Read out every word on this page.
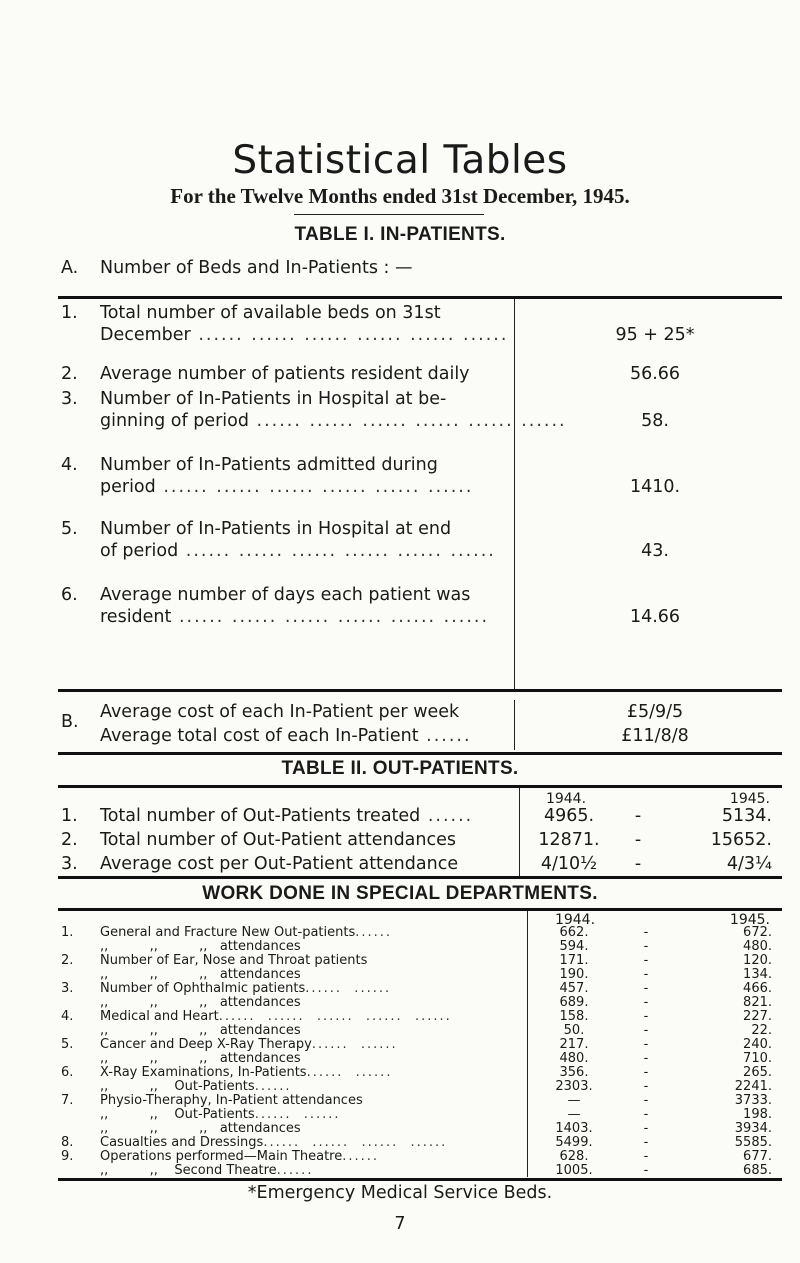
Statistical Tables
For the Twelve Months ended 31st December, 1945.
TABLE I. IN-PATIENTS.
A. Number of Beds and In-Patients : —
1. Total number of available beds on 31st
December ...... ...... ...... ...... ...... ......	95 + 25*
2. Average number of patients resident daily	56.66
3. Number of In-Patients in Hospital at be-
ginning of period ...... ...... ...... ...... ...... ......	58.
4. Number of In-Patients admitted during
period ...... ...... ...... ...... ...... ......	1410.
5. Number of In-Patients in Hospital at end
of period ...... ...... ...... ...... ...... ......	43.
6. Average number of days each patient was
resident ...... ...... ...... ...... ...... ......	14.66
B. Average cost of each In-Patient per week	£5/9/5
Average total cost of each In-Patient ......	£11/8/8
TABLE II. OUT-PATIENTS.
1944.	1945.
1. Total number of Out-Patients treated ......	4965.	-	5134.
2. Total number of Out-Patient attendances	12871.	-	15652.
3. Average cost per Out-Patient attendance	4/10½	-	4/3¼
WORK DONE IN SPECIAL DEPARTMENTS.
1944.	1945.
1. General and Fracture New Out-patients......	662.	-	672.
,,          ,,          ,,   attendances	594.	-	480.
2. Number of Ear, Nose and Throat patients	171.	-	120.
,,          ,,          ,,   attendances	190.	-	134.
3. Number of Ophthalmic patients......  ......	457.	-	466.
,,          ,,          ,,   attendances	689.	-	821.
4. Medical and Heart......  ......  ......  ......  ......	158.	-	227.
,,          ,,          ,,   attendances	50.	-	22.
5. Cancer and Deep X-Ray Therapy......  ......	217.	-	240.
,,          ,,          ,,   attendances	480.	-	710.
6. X-Ray Examinations, In-Patients......  ......	356.	-	265.
,,          ,,    Out-Patients......	2303.	-	2241.
7. Physio-Theraphy, In-Patient attendances	—	-	3733.
,,          ,,    Out-Patients......  ......	—	-	198.
,,          ,,          ,,   attendances	1403.	-	3934.
8. Casualties and Dressings......  ......  ......  ......	5499.	-	5585.
9. Operations performed—Main Theatre......	628.	-	677.
,,          ,,    Second Theatre......	1005.	-	685.
*Emergency Medical Service Beds.
7
